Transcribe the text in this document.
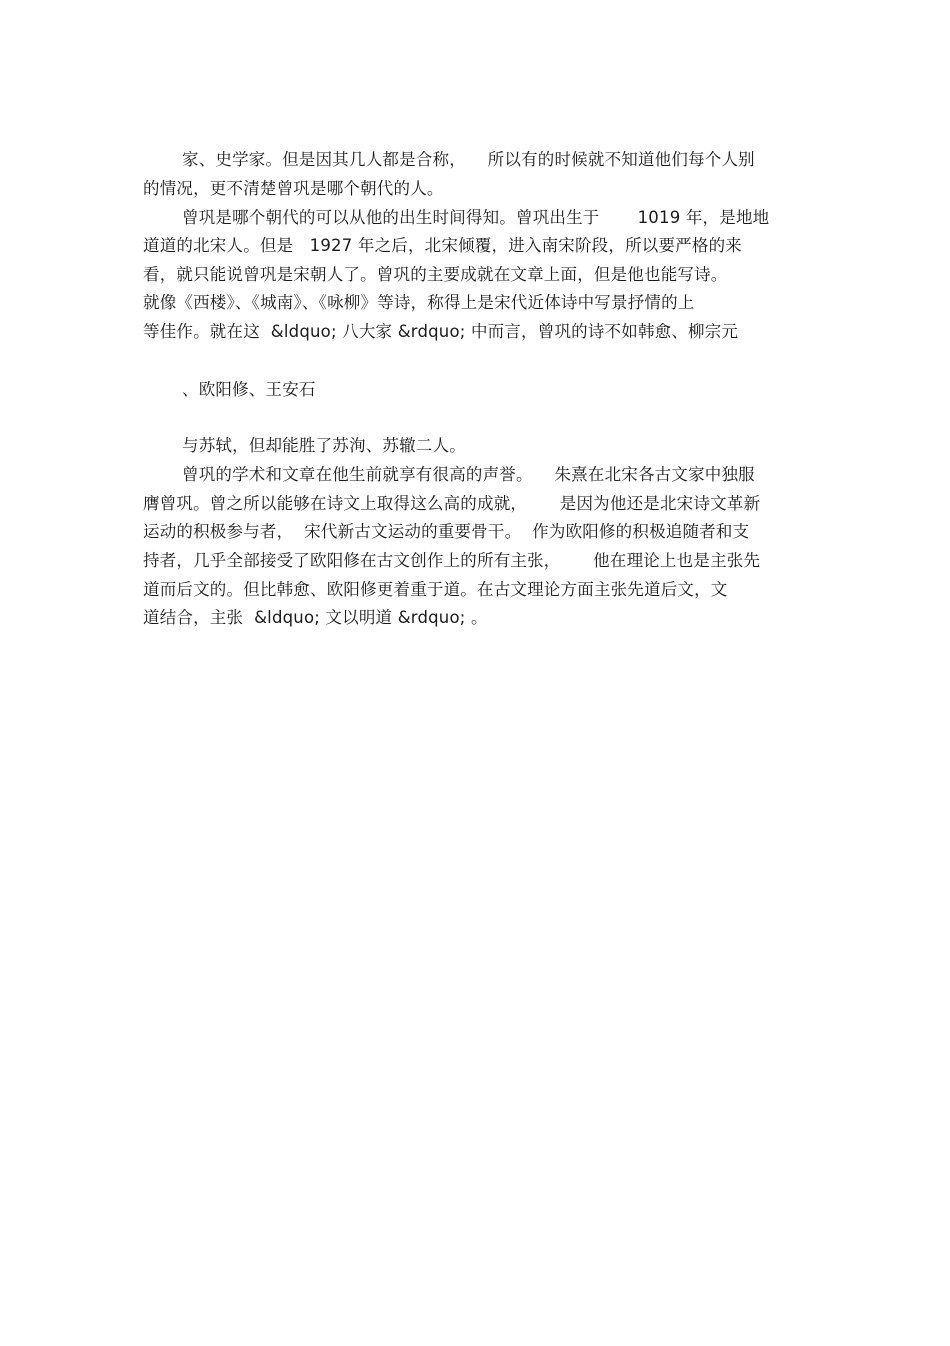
家、史学家。但是因其几人都是合称，    所以有的时候就不知道他们每个人别
的情况，更不清楚曾巩是哪个朝代的人。
曾巩是哪个朝代的可以从他的出生时间得知。曾巩出生于       1019 年，是地地
道道的北宋人。但是   1927 年之后，北宋倾覆，进入南宋阶段，所以要严格的来
看，就只能说曾巩是宋朝人了。曾巩的主要成就在文章上面，但是他也能写诗。
就像《西楼》、《城南》、《咏柳》等诗，称得上是宋代近体诗中写景抒情的上
等佳作。就在这  &ldquo; 八大家 &rdquo; 中而言，曾巩的诗不如韩愈、柳宗元
、欧阳修、王安石
与苏轼，但却能胜了苏洵、苏辙二人。
曾巩的学术和文章在他生前就享有很高的声誉。    朱熹在北宋各古文家中独服
膺曾巩。曾之所以能够在诗文上取得这么高的成就，      是因为他还是北宋诗文革新
运动的积极参与者，  宋代新古文运动的重要骨干。  作为欧阳修的积极追随者和支
持者，几乎全部接受了欧阳修在古文创作上的所有主张，      他在理论上也是主张先
道而后文的。但比韩愈、欧阳修更着重于道。在古文理论方面主张先道后文，文
道结合，主张  &ldquo; 文以明道 &rdquo; 。
